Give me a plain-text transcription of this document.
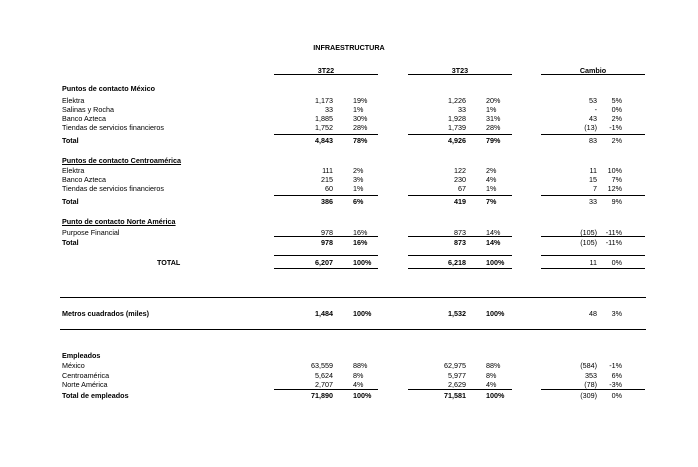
INFRAESTRUCTURA
3T22	3T23	Cambio
Puntos de contacto México
Elektra	1,173	19%	1,226	20%	53	5%
Salinas y Rocha	33	1%	33	1%	-	0%
Banco Azteca	1,885	30%	1,928	31%	43	2%
Tiendas de servicios financieros	1,752	28%	1,739	28%	(13)	-1%
Total	4,843	78%	4,926	79%	83	2%
Puntos de contacto Centroamérica
Elektra	111	2%	122	2%	11	10%
Banco Azteca	215	3%	230	4%	15	7%
Tiendas de servicios financieros	60	1%	67	1%	7	12%
Total	386	6%	419	7%	33	9%
Punto de contacto Norte América
Purpose Financial	978	16%	873	14%	(105)	-11%
Total	978	16%	873	14%	(105)	-11%
TOTAL	6,207	100%	6,218	100%	11	0%
Metros cuadrados (miles)	1,484	100%	1,532	100%	48	3%
Empleados
México	63,559	88%	62,975	88%	(584)	-1%
Centroamérica	5,624	8%	5,977	8%	353	6%
Norte América	2,707	4%	2,629	4%	(78)	-3%
Total de empleados	71,890	100%	71,581	100%	(309)	0%
